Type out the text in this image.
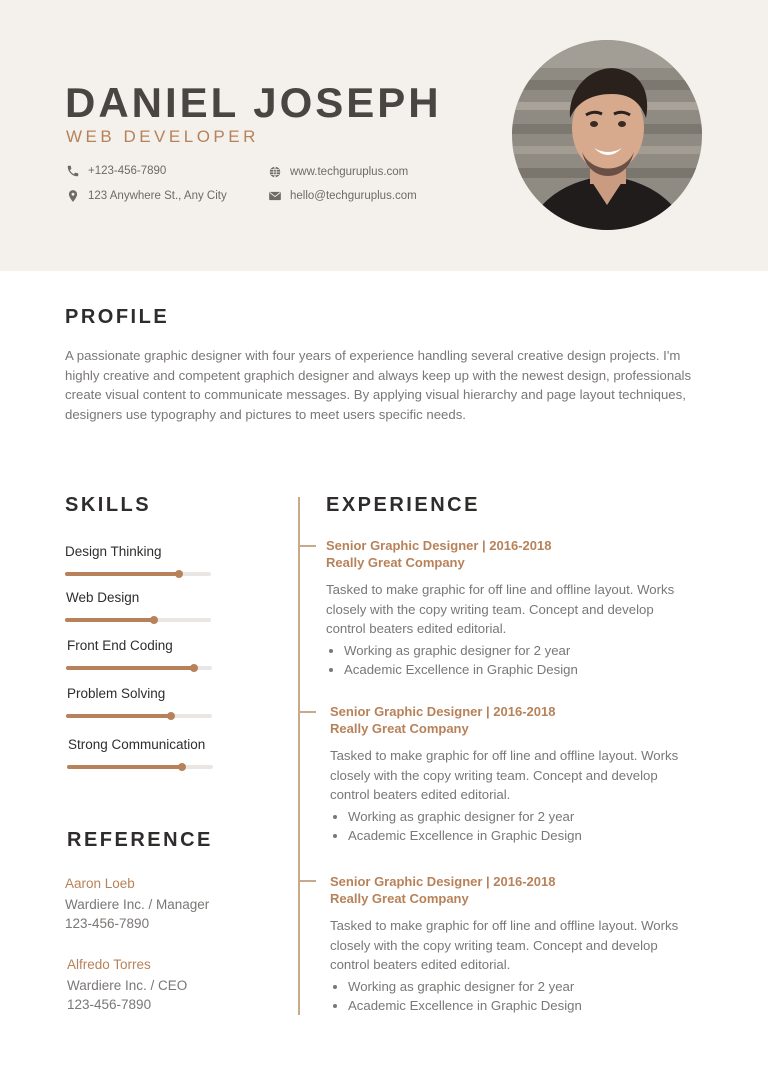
DANIEL JOSEPH
WEB DEVELOPER
+123-456-7890
123 Anywhere St., Any City
www.techguruplus.com
hello@techguruplus.com
PROFILE

A passionate graphic designer with four years of experience handling several creative design projects. I'm highly creative and competent graphich designer and always keep up with the newest design, professionals create visual content to communicate messages. By applying visual hierarchy and page layout techniques, designers use typography and pictures to meet users specific needs.

SKILLS
Design Thinking
Web Design
Front End Coding
Problem Solving
Strong Communication
REFERENCE
Aaron Loeb
Wardiere Inc. / Manager
123-456-7890
Alfredo Torres
Wardiere Inc. / CEO
123-456-7890
EXPERIENCE
Senior Graphic Designer | 2016-2018
Really Great Company
Tasked to make graphic for off line and offline layout. Works closely with the copy writing team. Concept and develop control beaters edited editorial.
• Working as graphic designer for 2 year
• Academic Excellence in Graphic Design
Senior Graphic Designer | 2016-2018
Really Great Company
Tasked to make graphic for off line and offline layout. Works closely with the copy writing team. Concept and develop control beaters edited editorial.
• Working as graphic designer for 2 year
• Academic Excellence in Graphic Design
Senior Graphic Designer | 2016-2018
Really Great Company
Tasked to make graphic for off line and offline layout. Works closely with the copy writing team. Concept and develop control beaters edited editorial.
• Working as graphic designer for 2 year
• Academic Excellence in Graphic Design
